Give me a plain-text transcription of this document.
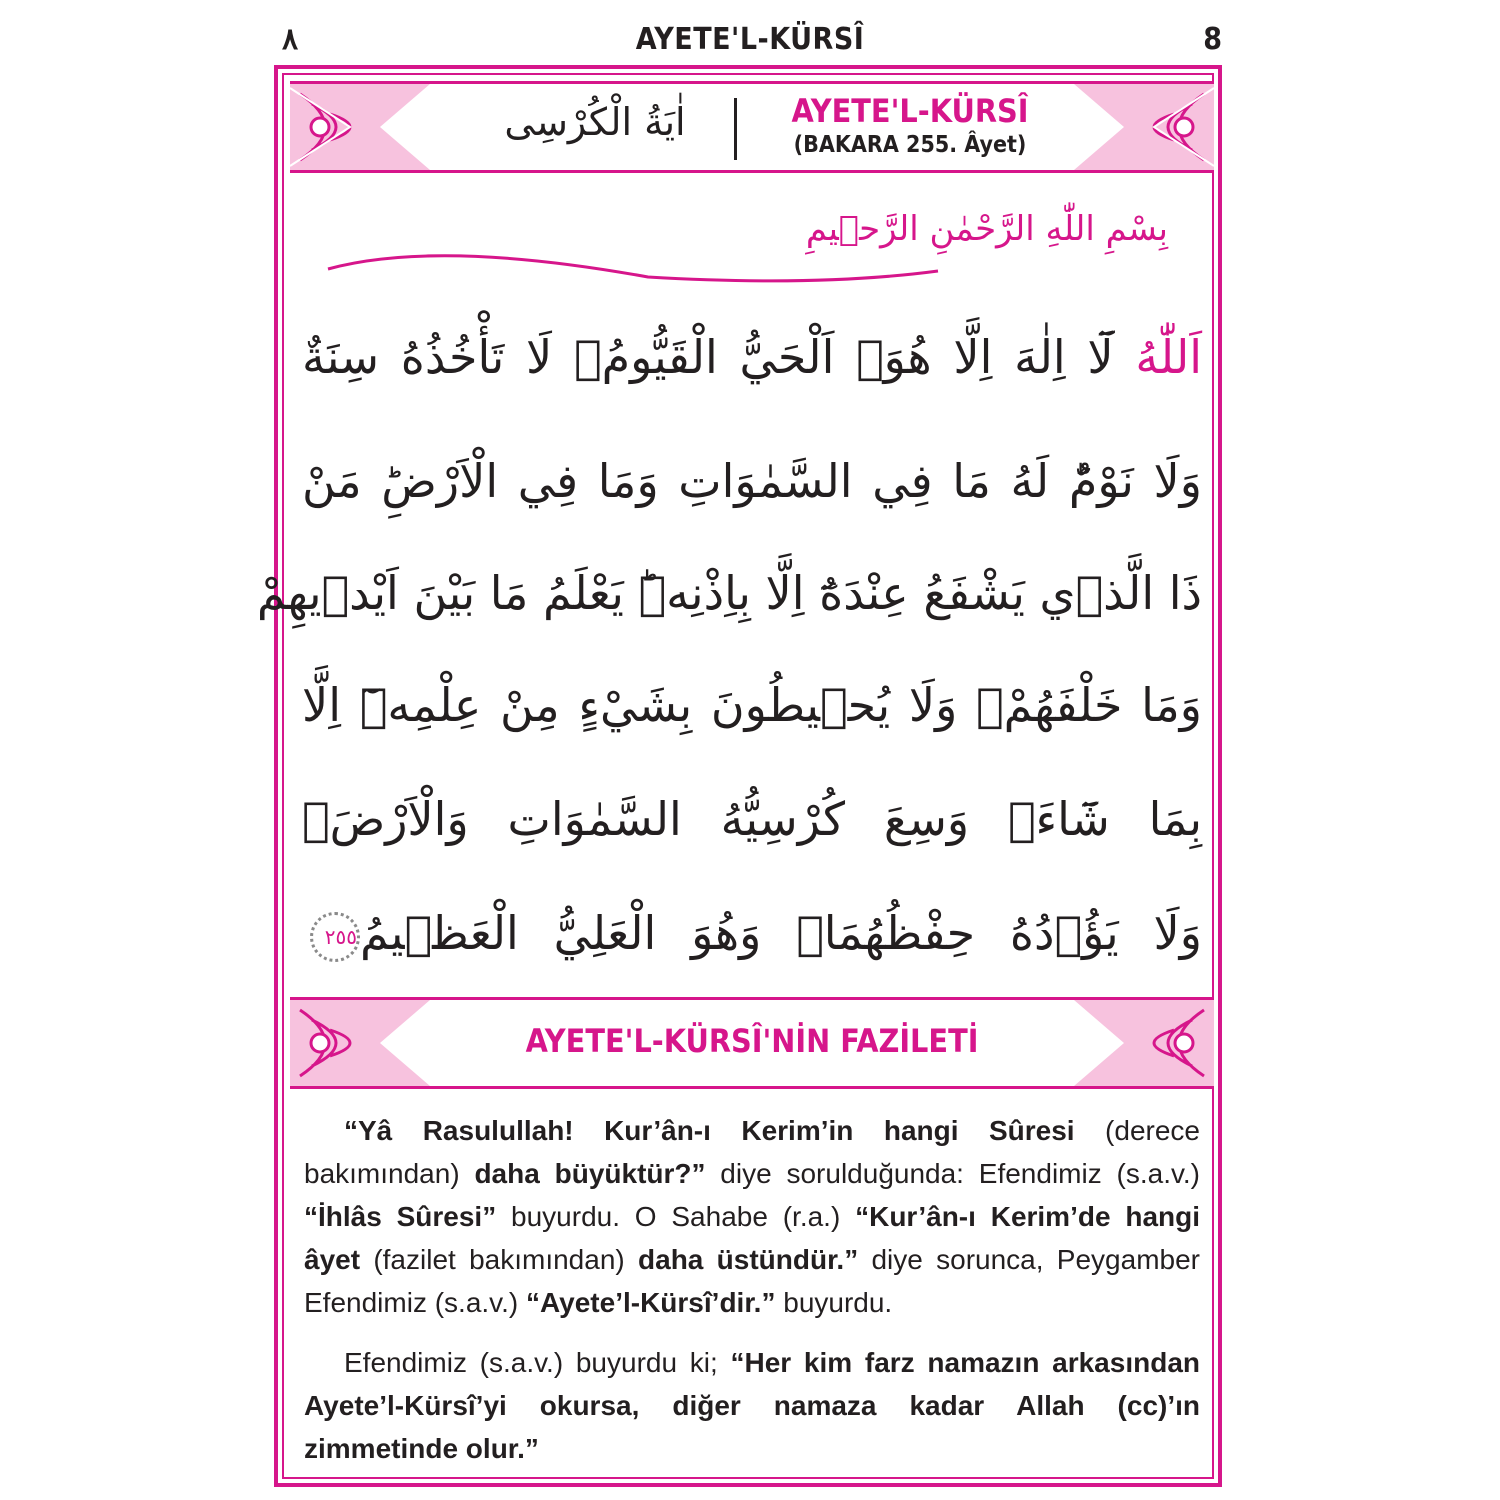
٨	AYETE'L-KÜRSÎ	8
اٰيَةُ الْكُرْسِى	AYETE'L-KÜRSÎ
(BAKARA 255. Âyet)
بِسْمِ اللّٰهِ الرَّحْمٰنِ الرَّح۪يمِ
اَللّٰهُ لَٓا اِلٰهَ اِلَّا هُوَۚ اَلْحَيُّ الْقَيُّومُۚ لَا تَأْخُذُهُ سِنَةٌ
وَلَا نَوْمٌؕ لَهُ مَا فِي السَّمٰوَاتِ وَمَا فِي الْاَرْضِؕ مَنْ
ذَا الَّذ۪ي يَشْفَعُ عِنْدَهُٓ اِلَّا بِاِذْنِه۪ؕ يَعْلَمُ مَا بَيْنَ اَيْد۪يهِمْ
وَمَا خَلْفَهُمْۚ وَلَا يُح۪يطُونَ بِشَيْءٍ مِنْ عِلْمِه۪ٓ اِلَّا
بِمَا شَٓاءَۚ وَسِعَ كُرْسِيُّهُ السَّمٰوَاتِ وَالْاَرْضَۚ
وَلَا يَؤُ۫دُهُ حِفْظُهُمَاۚ وَهُوَ الْعَلِيُّ الْعَظ۪يمُ٢٥٥
AYETE'L-KÜRSÎ'NİN FAZİLETİ

“Yâ Rasulullah! Kur’ân-ı Kerim’in hangi Sûresi (derece bakımından) daha büyüktür?” diye sorulduğunda: Efendimiz (s.a.v.) “İhlâs Sûresi” buyurdu. O Sahabe (r.a.) “Kur’ân-ı Kerim’de hangi âyet (fazilet bakımından) daha üstündür.” diye sorunca, Peygamber Efendimiz (s.a.v.) “Ayete’l-Kürsî’dir.” buyurdu.

Efendimiz (s.a.v.) buyurdu ki; “Her kim farz namazın arkasından Ayete’l-Kürsî’yi okursa, diğer namaza kadar Allah (cc)’ın zimmetinde olur.”
